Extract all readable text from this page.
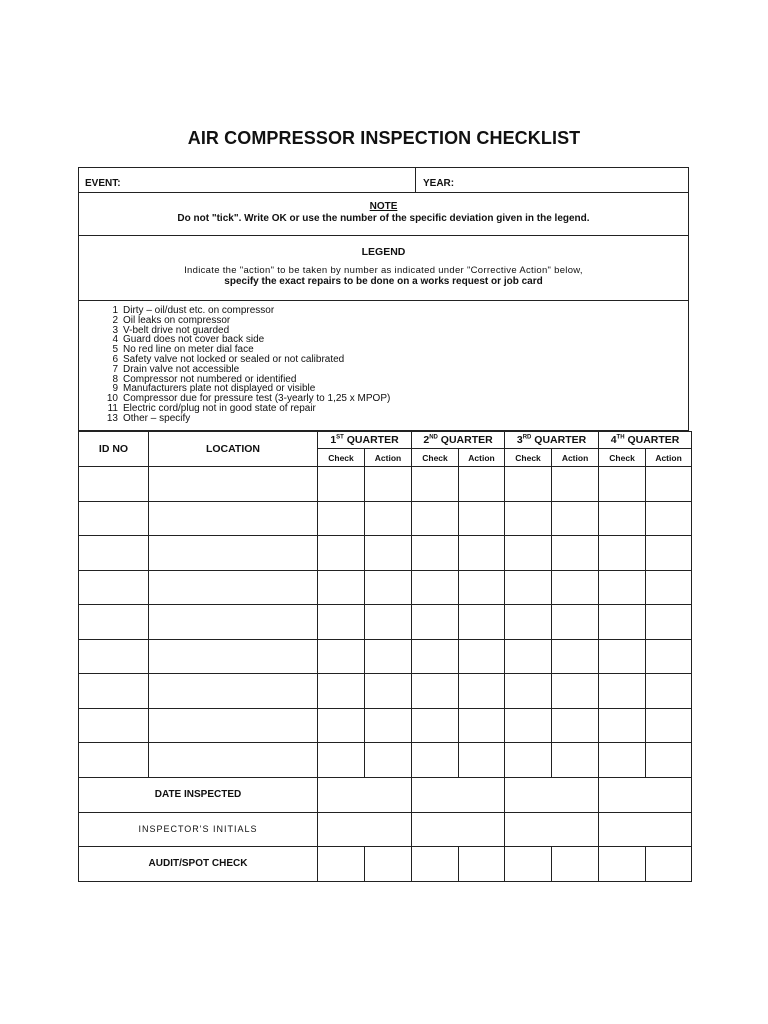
AIR COMPRESSOR INSPECTION CHECKLIST
EVENT:	YEAR:
NOTE
Do not "tick". Write OK or use the number of the specific deviation given in the legend.
LEGEND
Indicate the "action" to be taken by number as indicated under "Corrective Action" below,
specify the exact repairs to be done on a works request or job card
1 Dirty – oil/dust etc. on compressor
2 Oil leaks on compressor
3 V-belt drive not guarded
4 Guard does not cover back side
5 No red line on meter dial face
6 Safety valve not locked or sealed or not calibrated
7 Drain valve not accessible
8 Compressor not numbered or identified
9 Manufacturers plate not displayed or visible
10 Compressor due for pressure test (3-yearly to 1,25 x MPOP)
11 Electric cord/plug not in good state of repair
13 Other – specify
ID NO	LOCATION	1ST QUARTER		2ND QUARTER		3RD QUARTER		4TH QUARTER	
		Check	Action	Check	Action	Check	Action	Check	Action

DATE INSPECTED									
INSPECTOR'S INITIALS									
AUDIT/SPOT CHECK									
